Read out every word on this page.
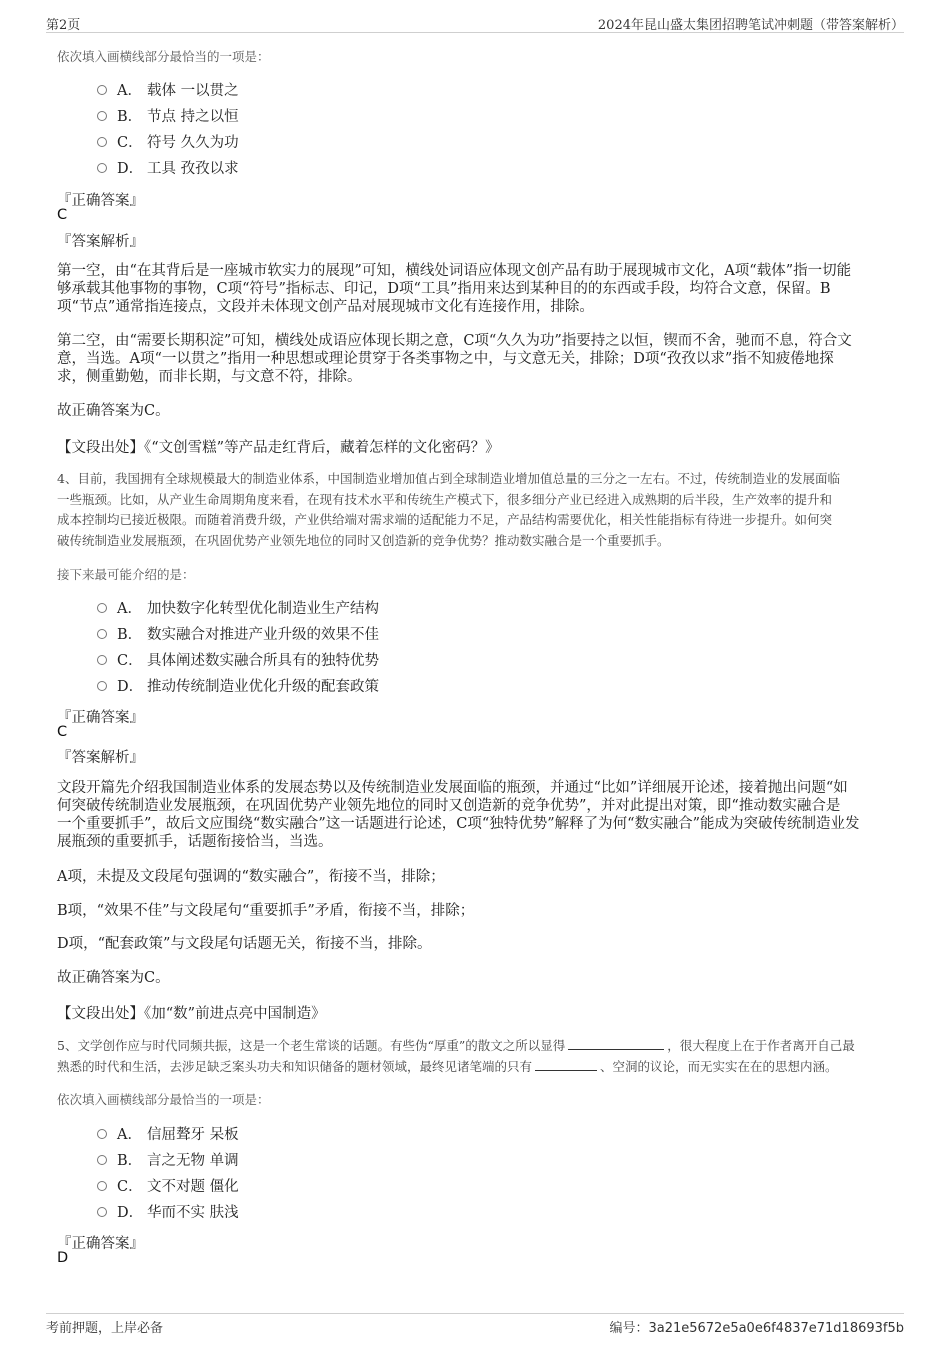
第2页	2024年昆山盛太集团招聘笔试冲刺题（带答案解析）
依次填入画横线部分最恰当的一项是：
A． 载体 一以贯之
B． 节点 持之以恒
C． 符号 久久为功
D． 工具 孜孜以求
『正确答案』
C
『答案解析』
第一空，由“在其背后是一座城市软实力的展现”可知，横线处词语应体现文创产品有助于展现城市文化，A项“载体”指一切能
够承载其他事物的事物，C项“符号”指标志、印记，D项“工具”指用来达到某种目的的东西或手段，均符合文意，保留。B
项“节点”通常指连接点，文段并未体现文创产品对展现城市文化有连接作用，排除。
第二空，由“需要长期积淀”可知，横线处成语应体现长期之意，C项“久久为功”指要持之以恒，锲而不舍，驰而不息，符合文
意，当选。A项“一以贯之”指用一种思想或理论贯穿于各类事物之中，与文意无关，排除；D项“孜孜以求”指不知疲倦地探
求，侧重勤勉，而非长期，与文意不符，排除。
故正确答案为C。
【文段出处】《“文创雪糕”等产品走红背后，藏着怎样的文化密码？》
4、目前，我国拥有全球规模最大的制造业体系，中国制造业增加值占到全球制造业增加值总量的三分之一左右。不过，传统制造业的发展面临
一些瓶颈。比如，从产业生命周期角度来看，在现有技术水平和传统生产模式下，很多细分产业已经进入成熟期的后半段，生产效率的提升和
成本控制均已接近极限。而随着消费升级，产业供给端对需求端的适配能力不足，产品结构需要优化，相关性能指标有待进一步提升。如何突
破传统制造业发展瓶颈，在巩固优势产业领先地位的同时又创造新的竞争优势？推动数实融合是一个重要抓手。
接下来最可能介绍的是：
A． 加快数字化转型优化制造业生产结构
B． 数实融合对推进产业升级的效果不佳
C． 具体阐述数实融合所具有的独特优势
D． 推动传统制造业优化升级的配套政策
『正确答案』
C
『答案解析』
文段开篇先介绍我国制造业体系的发展态势以及传统制造业发展面临的瓶颈，并通过“比如”详细展开论述，接着抛出问题“如
何突破传统制造业发展瓶颈，在巩固优势产业领先地位的同时又创造新的竞争优势”，并对此提出对策，即“推动数实融合是
一个重要抓手”，故后文应围绕“数实融合”这一话题进行论述，C项“独特优势”解释了为何“数实融合”能成为突破传统制造业发
展瓶颈的重要抓手，话题衔接恰当，当选。
A项，未提及文段尾句强调的“数实融合”，衔接不当，排除；
B项，“效果不佳”与文段尾句“重要抓手”矛盾，衔接不当，排除；
D项，“配套政策”与文段尾句话题无关，衔接不当，排除。
故正确答案为C。
【文段出处】《加“数”前进点亮中国制造》
5、文学创作应与时代同频共振，这是一个老生常谈的话题。有些伪“厚重”的散文之所以显得	，很大程度上在于作者离开自己最
熟悉的时代和生活，去涉足缺乏案头功夫和知识储备的题材领域，最终见诸笔端的只有	、空洞的议论，而无实实在在的思想内涵。
依次填入画横线部分最恰当的一项是：
A． 信屈聱牙 呆板
B． 言之无物 单调
C． 文不对题 僵化
D． 华而不实 肤浅
『正确答案』
D
考前押题，上岸必备	编号：3a21e5672e5a0e6f4837e71d18693f5b
